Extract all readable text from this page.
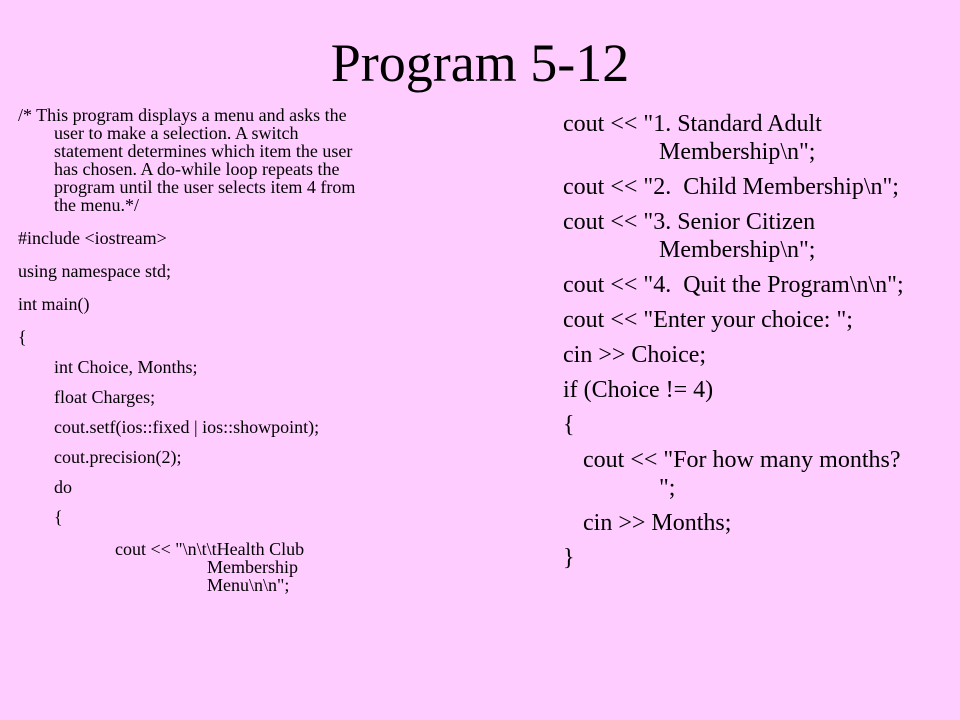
Program 5-12
/* This program displays a menu and asks the
user to make a selection. A switch
statement determines which item the user
has chosen. A do-while loop repeats the
program until the user selects item 4 from
the menu.*/
#include <iostream>
using namespace std;
int main()
{
int Choice, Months;
float Charges;
cout.setf(ios::fixed | ios::showpoint);
cout.precision(2);
do
{
cout << "\n\t\tHealth Club
Membership
Menu\n\n";
cout << "1. Standard Adult
Membership\n";
cout << "2.  Child Membership\n";
cout << "3. Senior Citizen
Membership\n";
cout << "4.  Quit the Program\n\n";
cout << "Enter your choice: ";
cin >> Choice;
if (Choice != 4)
{
cout << "For how many months?
";
cin >> Months;
}
